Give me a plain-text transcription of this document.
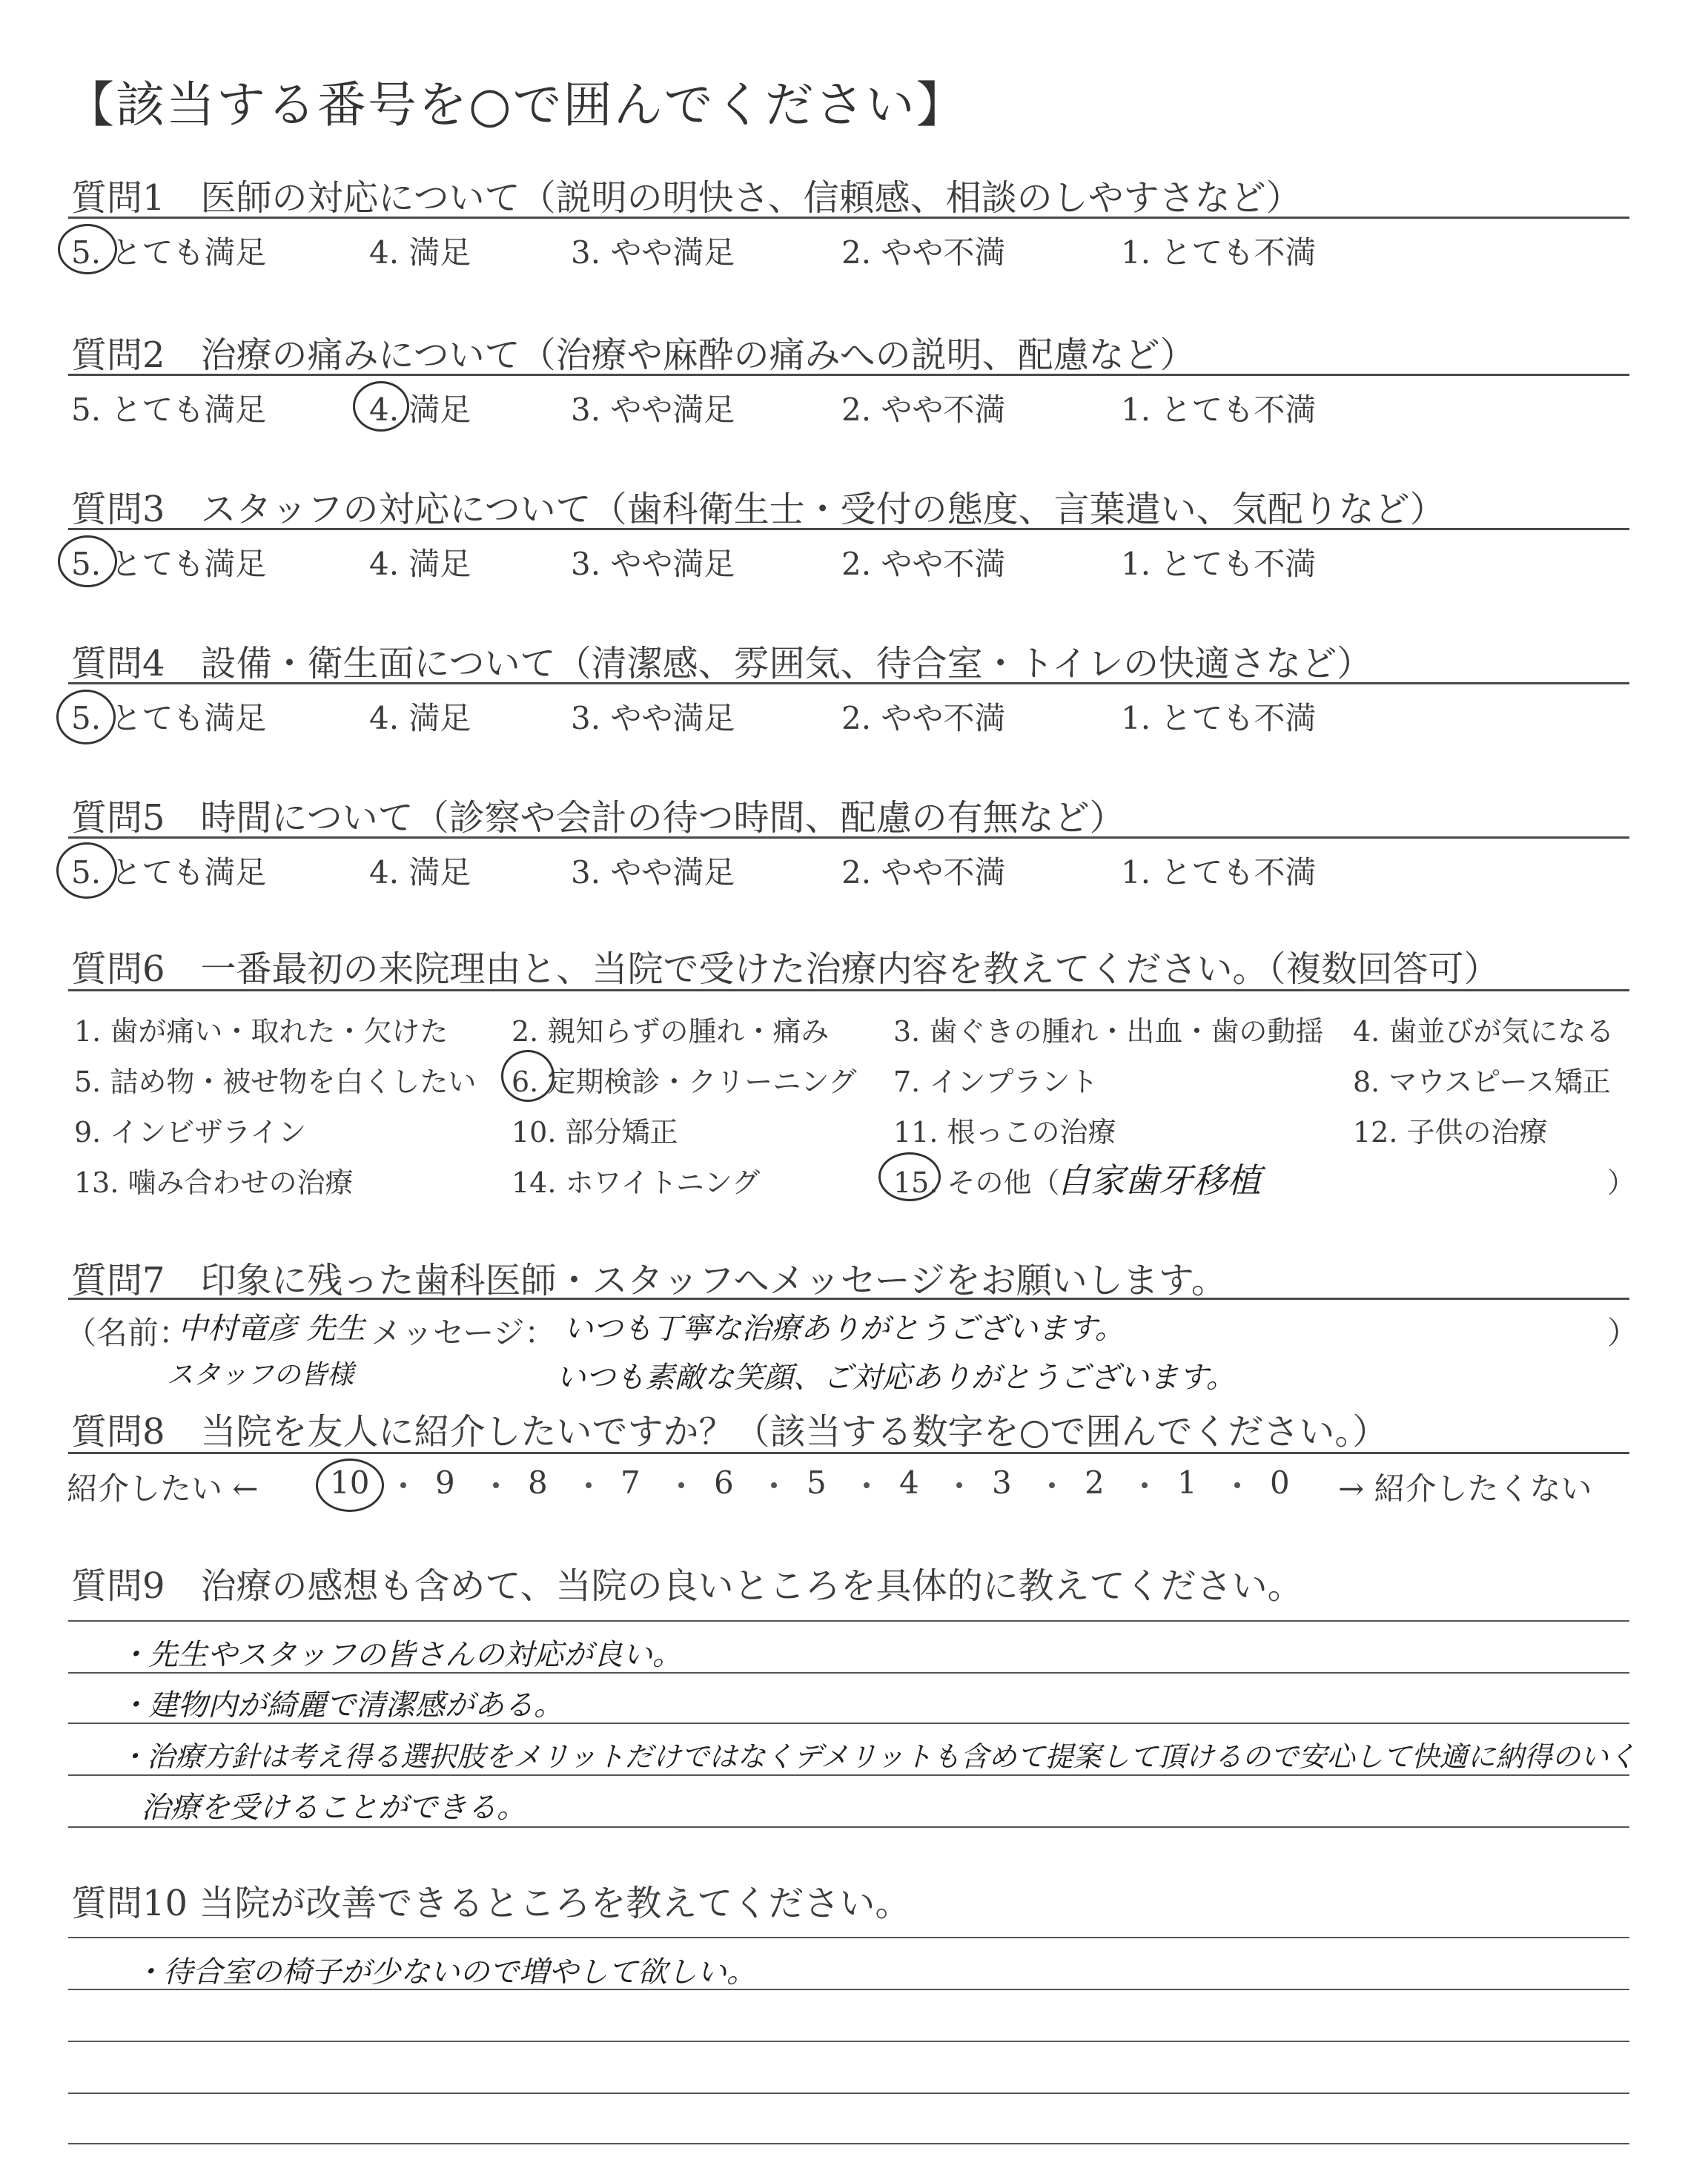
【該当する番号を○で囲んでください】
質問1　医師の対応について（説明の明快さ、信頼感、相談のしやすさなど）
5. とても満足	4. 満足	3. やや満足	2. やや不満	1. とても不満
質問2　治療の痛みについて（治療や麻酔の痛みへの説明、配慮など）
5. とても満足	4. 満足	3. やや満足	2. やや不満	1. とても不満
質問3　スタッフの対応について（歯科衛生士・受付の態度、言葉遣い、気配りなど）
5. とても満足	4. 満足	3. やや満足	2. やや不満	1. とても不満
質問4　設備・衛生面について（清潔感、雰囲気、待合室・トイレの快適さなど）
5. とても満足	4. 満足	3. やや満足	2. やや不満	1. とても不満
質問5　時間について（診察や会計の待つ時間、配慮の有無など）
5. とても満足	4. 満足	3. やや満足	2. やや不満	1. とても不満
質問6　一番最初の来院理由と、当院で受けた治療内容を教えてください。（複数回答可）
1. 歯が痛い・取れた・欠けた 2. 親知らずの腫れ・痛み 3. 歯ぐきの腫れ・出血・歯の動揺 4. 歯並びが気になる
5. 詰め物・被せ物を白くしたい 6. 定期検診・クリーニング 7. インプラント	8. マウスピース矯正
9. インビザライン	10. 部分矯正	11. 根っこの治療	12. 子供の治療
13. 噛み合わせの治療	14. ホワイトニング	15. その他（
自家歯牙移植	）
質問7　印象に残った歯科医師・スタッフへメッセージをお願いします。
（名前：
中村竜彦 先生
スタッフの皆様
メッセージ： いつも丁寧な治療ありがとうございます。
いつも素敵な笑顔、ご対応ありがとうございます。
）
質問8　当院を友人に紹介したいですか？（該当する数字を○で囲んでください。）
紹介したい ← 10 9 8 7 6 5 4 3 2 1 0 → 紹介したくない
質問9　治療の感想も含めて、当院の良いところを具体的に教えてください。
・先生やスタッフの皆さんの対応が良い。
・建物内が綺麗で清潔感がある。
・治療方針は考え得る選択肢をメリットだけではなくデメリットも含めて提案して頂けるので安心して快適に納得のいく
治療を受けることができる。
質問10 当院が改善できるところを教えてください。
・待合室の椅子が少ないので増やして欲しい。
